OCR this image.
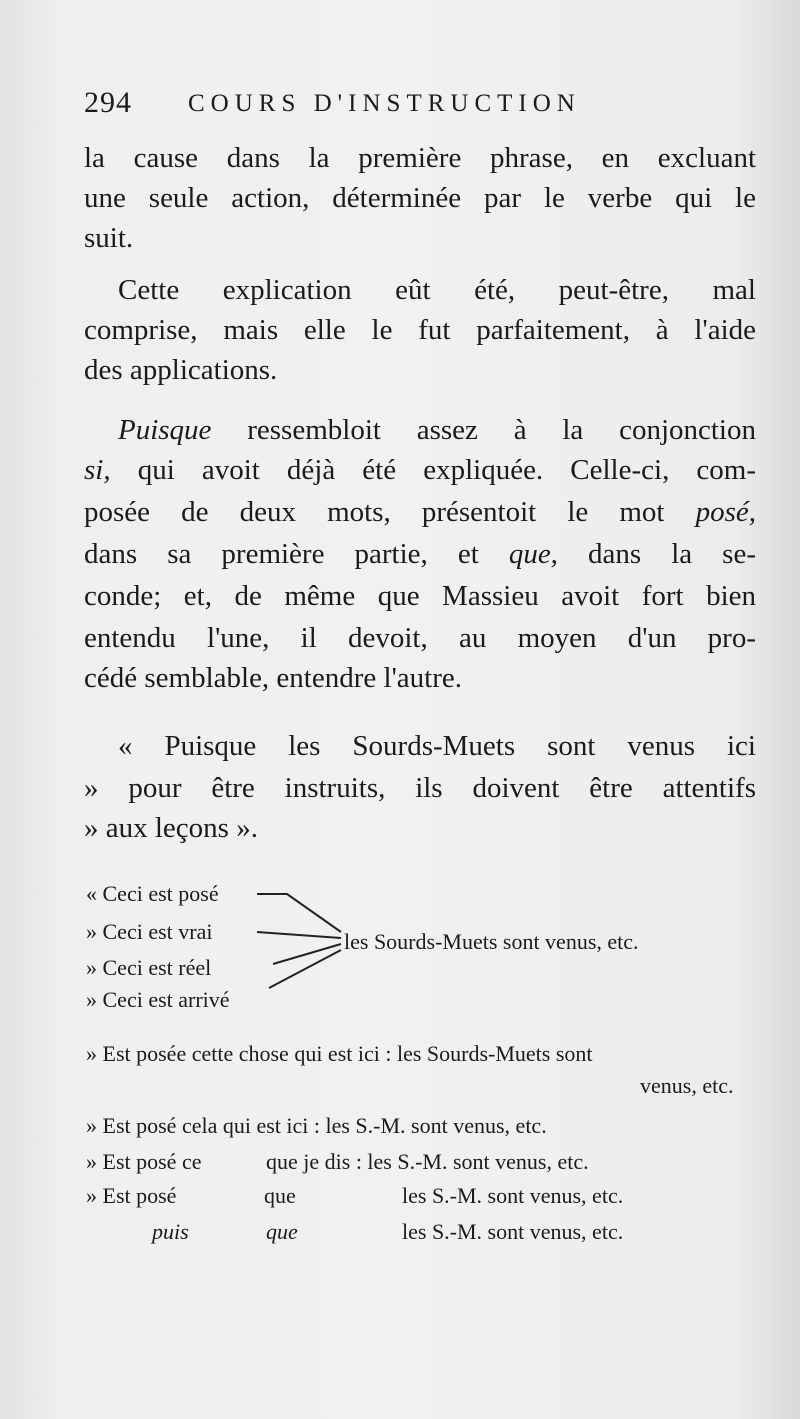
294 COURS D'INSTRUCTION
la cause dans la première phrase, en excluant
une seule action, déterminée par le verbe qui le
suit.
Cette explication eût été, peut-être, mal
comprise, mais elle le fut parfaitement, à l'aide
des applications.
Puisque ressembloit assez à la conjonction
si, qui avoit déjà été expliquée. Celle-ci, com-
posée de deux mots, présentoit le mot posé,
dans sa première partie, et que, dans la se-
conde; et, de même que Massieu avoit fort bien
entendu l'une, il devoit, au moyen d'un pro-
cédé semblable, entendre l'autre.
« Puisque les Sourds-Muets sont venus ici
» pour être instruits, ils doivent être attentifs
» aux leçons ».
« Ceci est posé
» Ceci est vrai
» Ceci est réel
» Ceci est arrivé
les Sourds-Muets sont venus, etc.
» Est posée cette chose qui est ici : les Sourds-Muets sont
venus, etc.
» Est posé cela qui est ici : les S.-M. sont venus, etc.
» Est posé ce	que je dis : les S.-M. sont venus, etc.
» Est posé	que	les S.-M. sont venus, etc.
puis	que	les S.-M. sont venus, etc.
